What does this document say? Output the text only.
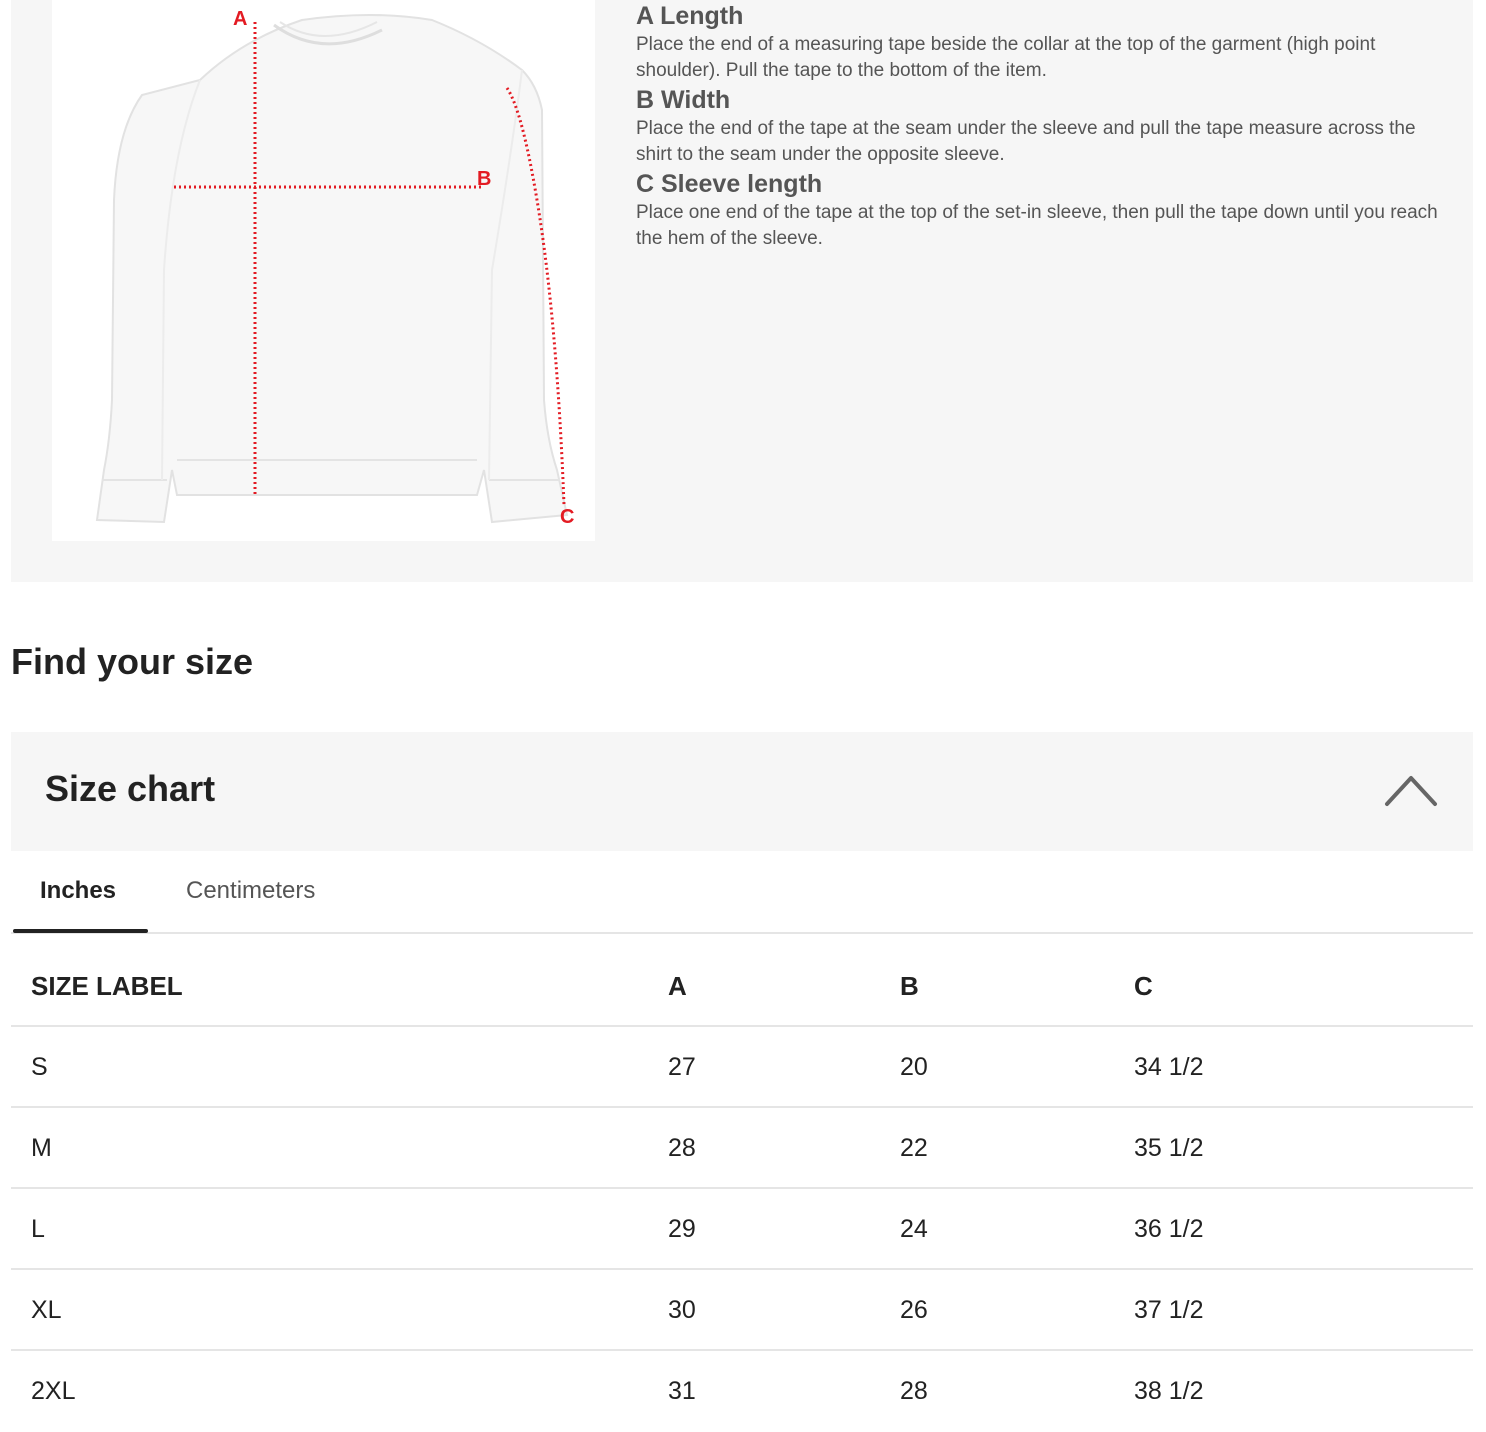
A
B
C
A Length

Place the end of a measuring tape beside the collar at the top of the garment (high point shoulder). Pull the tape to the bottom of the item.

B Width

Place the end of the tape at the seam under the sleeve and pull the tape measure across the shirt to the seam under the opposite sleeve.

C Sleeve length

Place one end of the tape at the top of the set-in sleeve, then pull the tape down until you reach the hem of the sleeve.

Find your size
Size chart
Inches	Centimeters
SIZE LABEL	A	B	C
S	27	20	34 1/2
M	28	22	35 1/2
L	29	24	36 1/2
XL	30	26	37 1/2
2XL	31	28	38 1/2
